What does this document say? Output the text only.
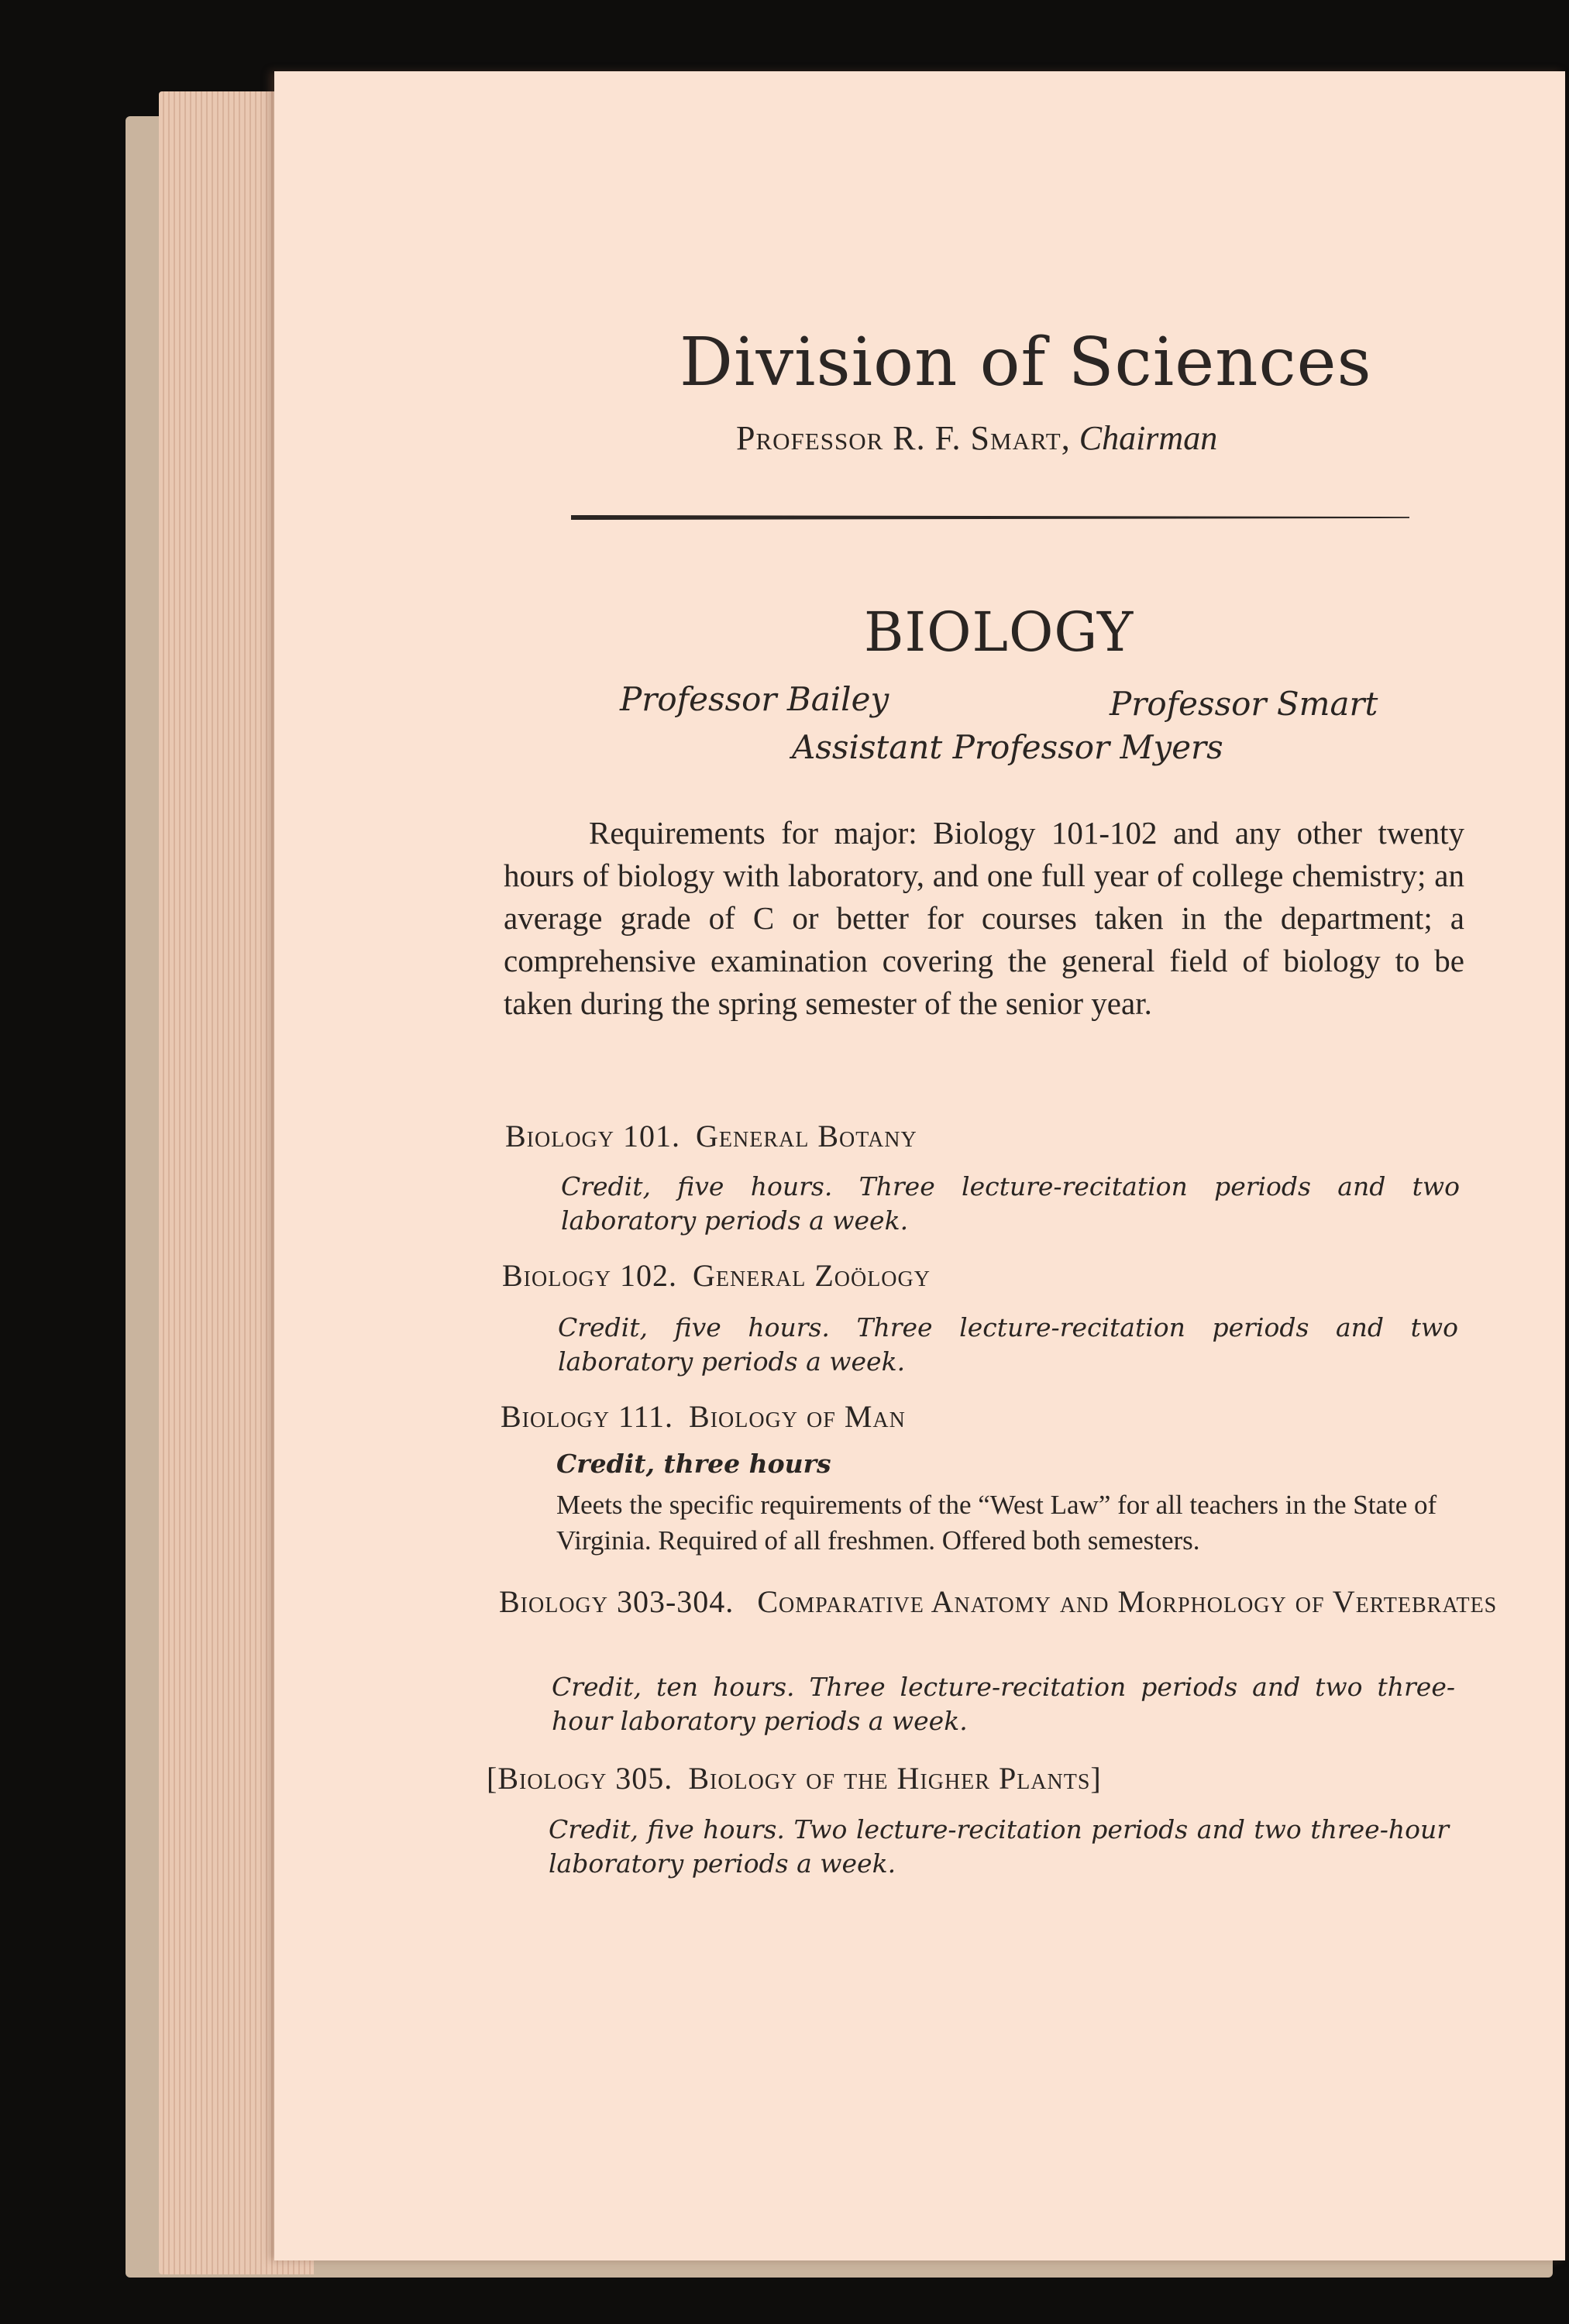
Division of Sciences
Professor R. F. Smart, Chairman
BIOLOGY
Professor Bailey	Professor Smart
Assistant Professor Myers
Requirements for major: Biology 101-102 and any other twenty hours of biology with laboratory, and one full year of college chemistry; an average grade of C or better for courses taken in the department; a comprehensive examination covering the general field of biology to be taken during the spring semester of the senior year.
Biology 101. General Botany
Credit, five hours. Three lecture-recitation periods and two laboratory periods a week.
Biology 102. General Zoölogy
Credit, five hours. Three lecture-recitation periods and two laboratory periods a week.
Biology 111. Biology of Man
Credit, three hours
Meets the specific requirements of the “West Law” for all teachers in the State of Virginia. Required of all freshmen. Offered both semesters.
Biology 303-304. Comparative Anatomy and Morphology of Vertebrates
Credit, ten hours. Three lecture-recitation periods and two three-hour laboratory periods a week.
[Biology 305. Biology of the Higher Plants]
Credit, five hours. Two lecture-recitation periods and two three-hour laboratory periods a week.
